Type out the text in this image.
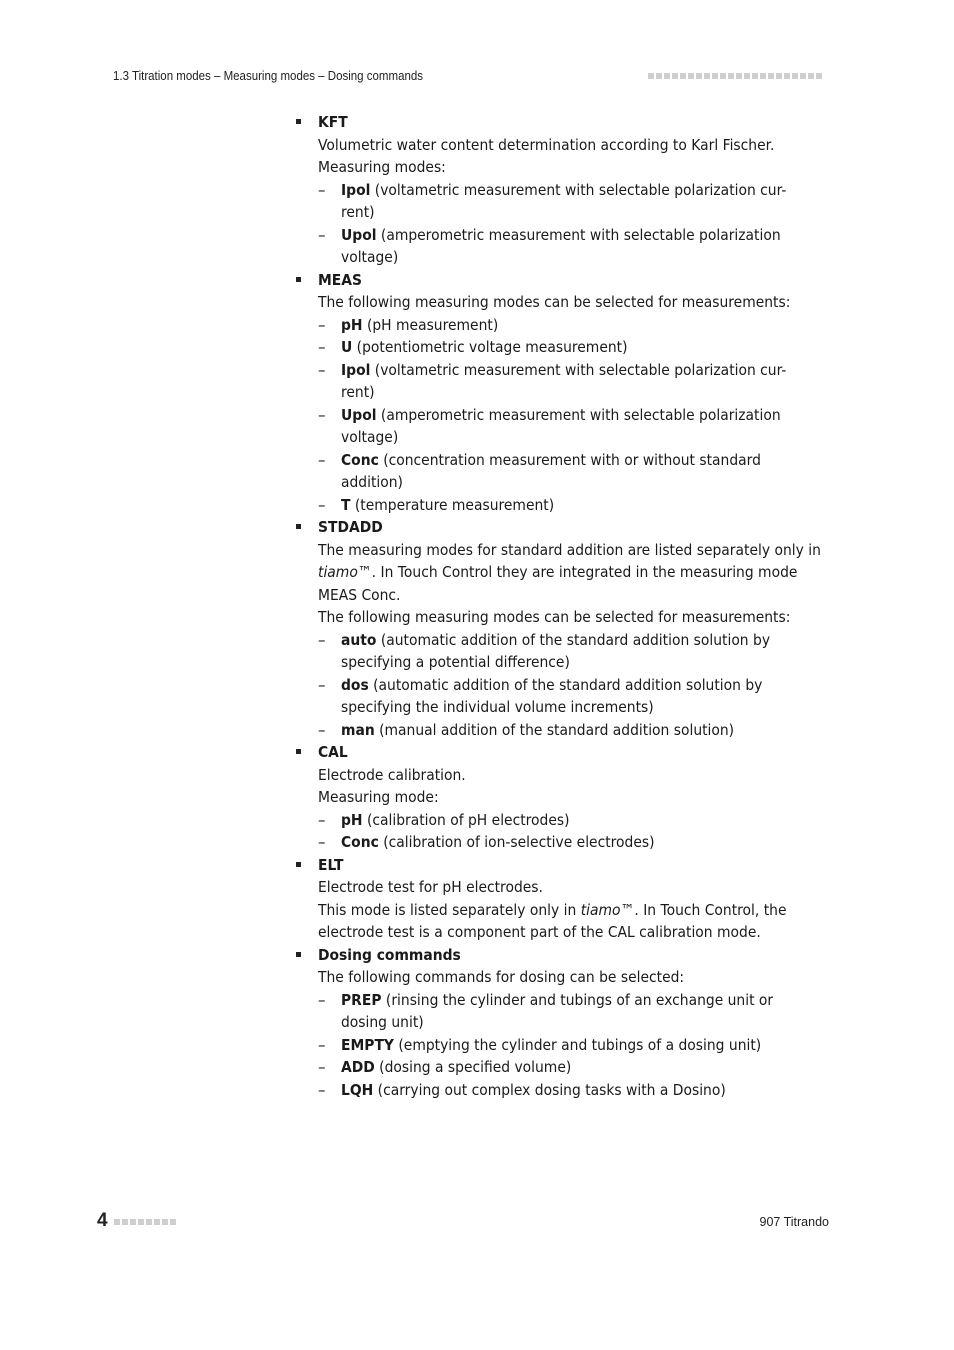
1.3 Titration modes – Measuring modes – Dosing commands
KFT
Volumetric water content determination according to Karl Fischer.
Measuring modes:
– Ipol (voltametric measurement with selectable polarization cur-
rent)
– Upol (amperometric measurement with selectable polarization
voltage)
MEAS
The following measuring modes can be selected for measurements:
– pH (pH measurement)
– U (potentiometric voltage measurement)
– Ipol (voltametric measurement with selectable polarization cur-
rent)
– Upol (amperometric measurement with selectable polarization
voltage)
– Conc (concentration measurement with or without standard
addition)
– T (temperature measurement)
STDADD
The measuring modes for standard addition are listed separately only in
tiamo™. In Touch Control they are integrated in the measuring mode
MEAS Conc.
The following measuring modes can be selected for measurements:
– auto (automatic addition of the standard addition solution by
specifying a potential difference)
– dos (automatic addition of the standard addition solution by
specifying the individual volume increments)
– man (manual addition of the standard addition solution)
CAL
Electrode calibration.
Measuring mode:
– pH (calibration of pH electrodes)
– Conc (calibration of ion-selective electrodes)
ELT
Electrode test for pH electrodes.
This mode is listed separately only in tiamo™. In Touch Control, the
electrode test is a component part of the CAL calibration mode.
Dosing commands
The following commands for dosing can be selected:
– PREP (rinsing the cylinder and tubings of an exchange unit or
dosing unit)
– EMPTY (emptying the cylinder and tubings of a dosing unit)
– ADD (dosing a specified volume)
– LQH (carrying out complex dosing tasks with a Dosino)
4	907 Titrando
